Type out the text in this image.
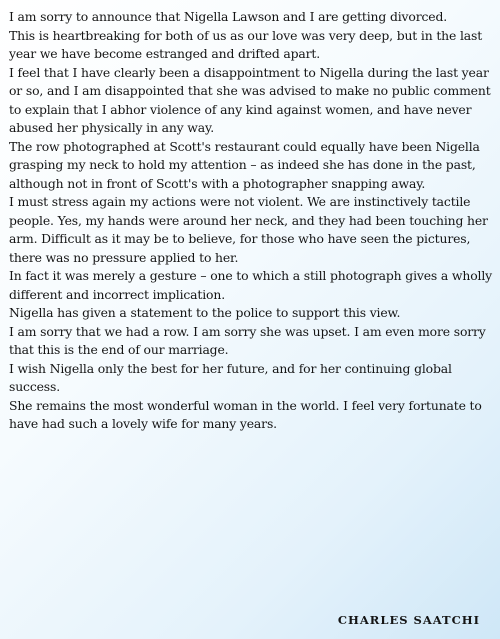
I am sorry to announce that Nigella Lawson and I are getting divorced.

This is heartbreaking for both of us as our love was very deep, but in the last year we have become estranged and drifted apart.

I feel that I have clearly been a disappointment to Nigella during the last year or so, and I am disappointed that she was advised to make no public comment to explain that I abhor violence of any kind against women, and have never abused her physically in any way.

The row photographed at Scott's restaurant could equally have been Nigella grasping my neck to hold my attention – as indeed she has done in the past, although not in front of Scott's with a photographer snapping away.

I must stress again my actions were not violent. We are instinctively tactile people. Yes, my hands were around her neck, and they had been touching her arm. Difficult as it may be to believe, for those who have seen the pictures, there was no pressure applied to her.

In fact it was merely a gesture – one to which a still photograph gives a wholly different and incorrect implication.

Nigella has given a statement to the police to support this view.

I am sorry that we had a row. I am sorry she was upset. I am even more sorry that this is the end of our marriage.

I wish Nigella only the best for her future, and for her continuing global success.

She remains the most wonderful woman in the world. I feel very fortunate to have had such a lovely wife for many years.

CHARLES SAATCHI
